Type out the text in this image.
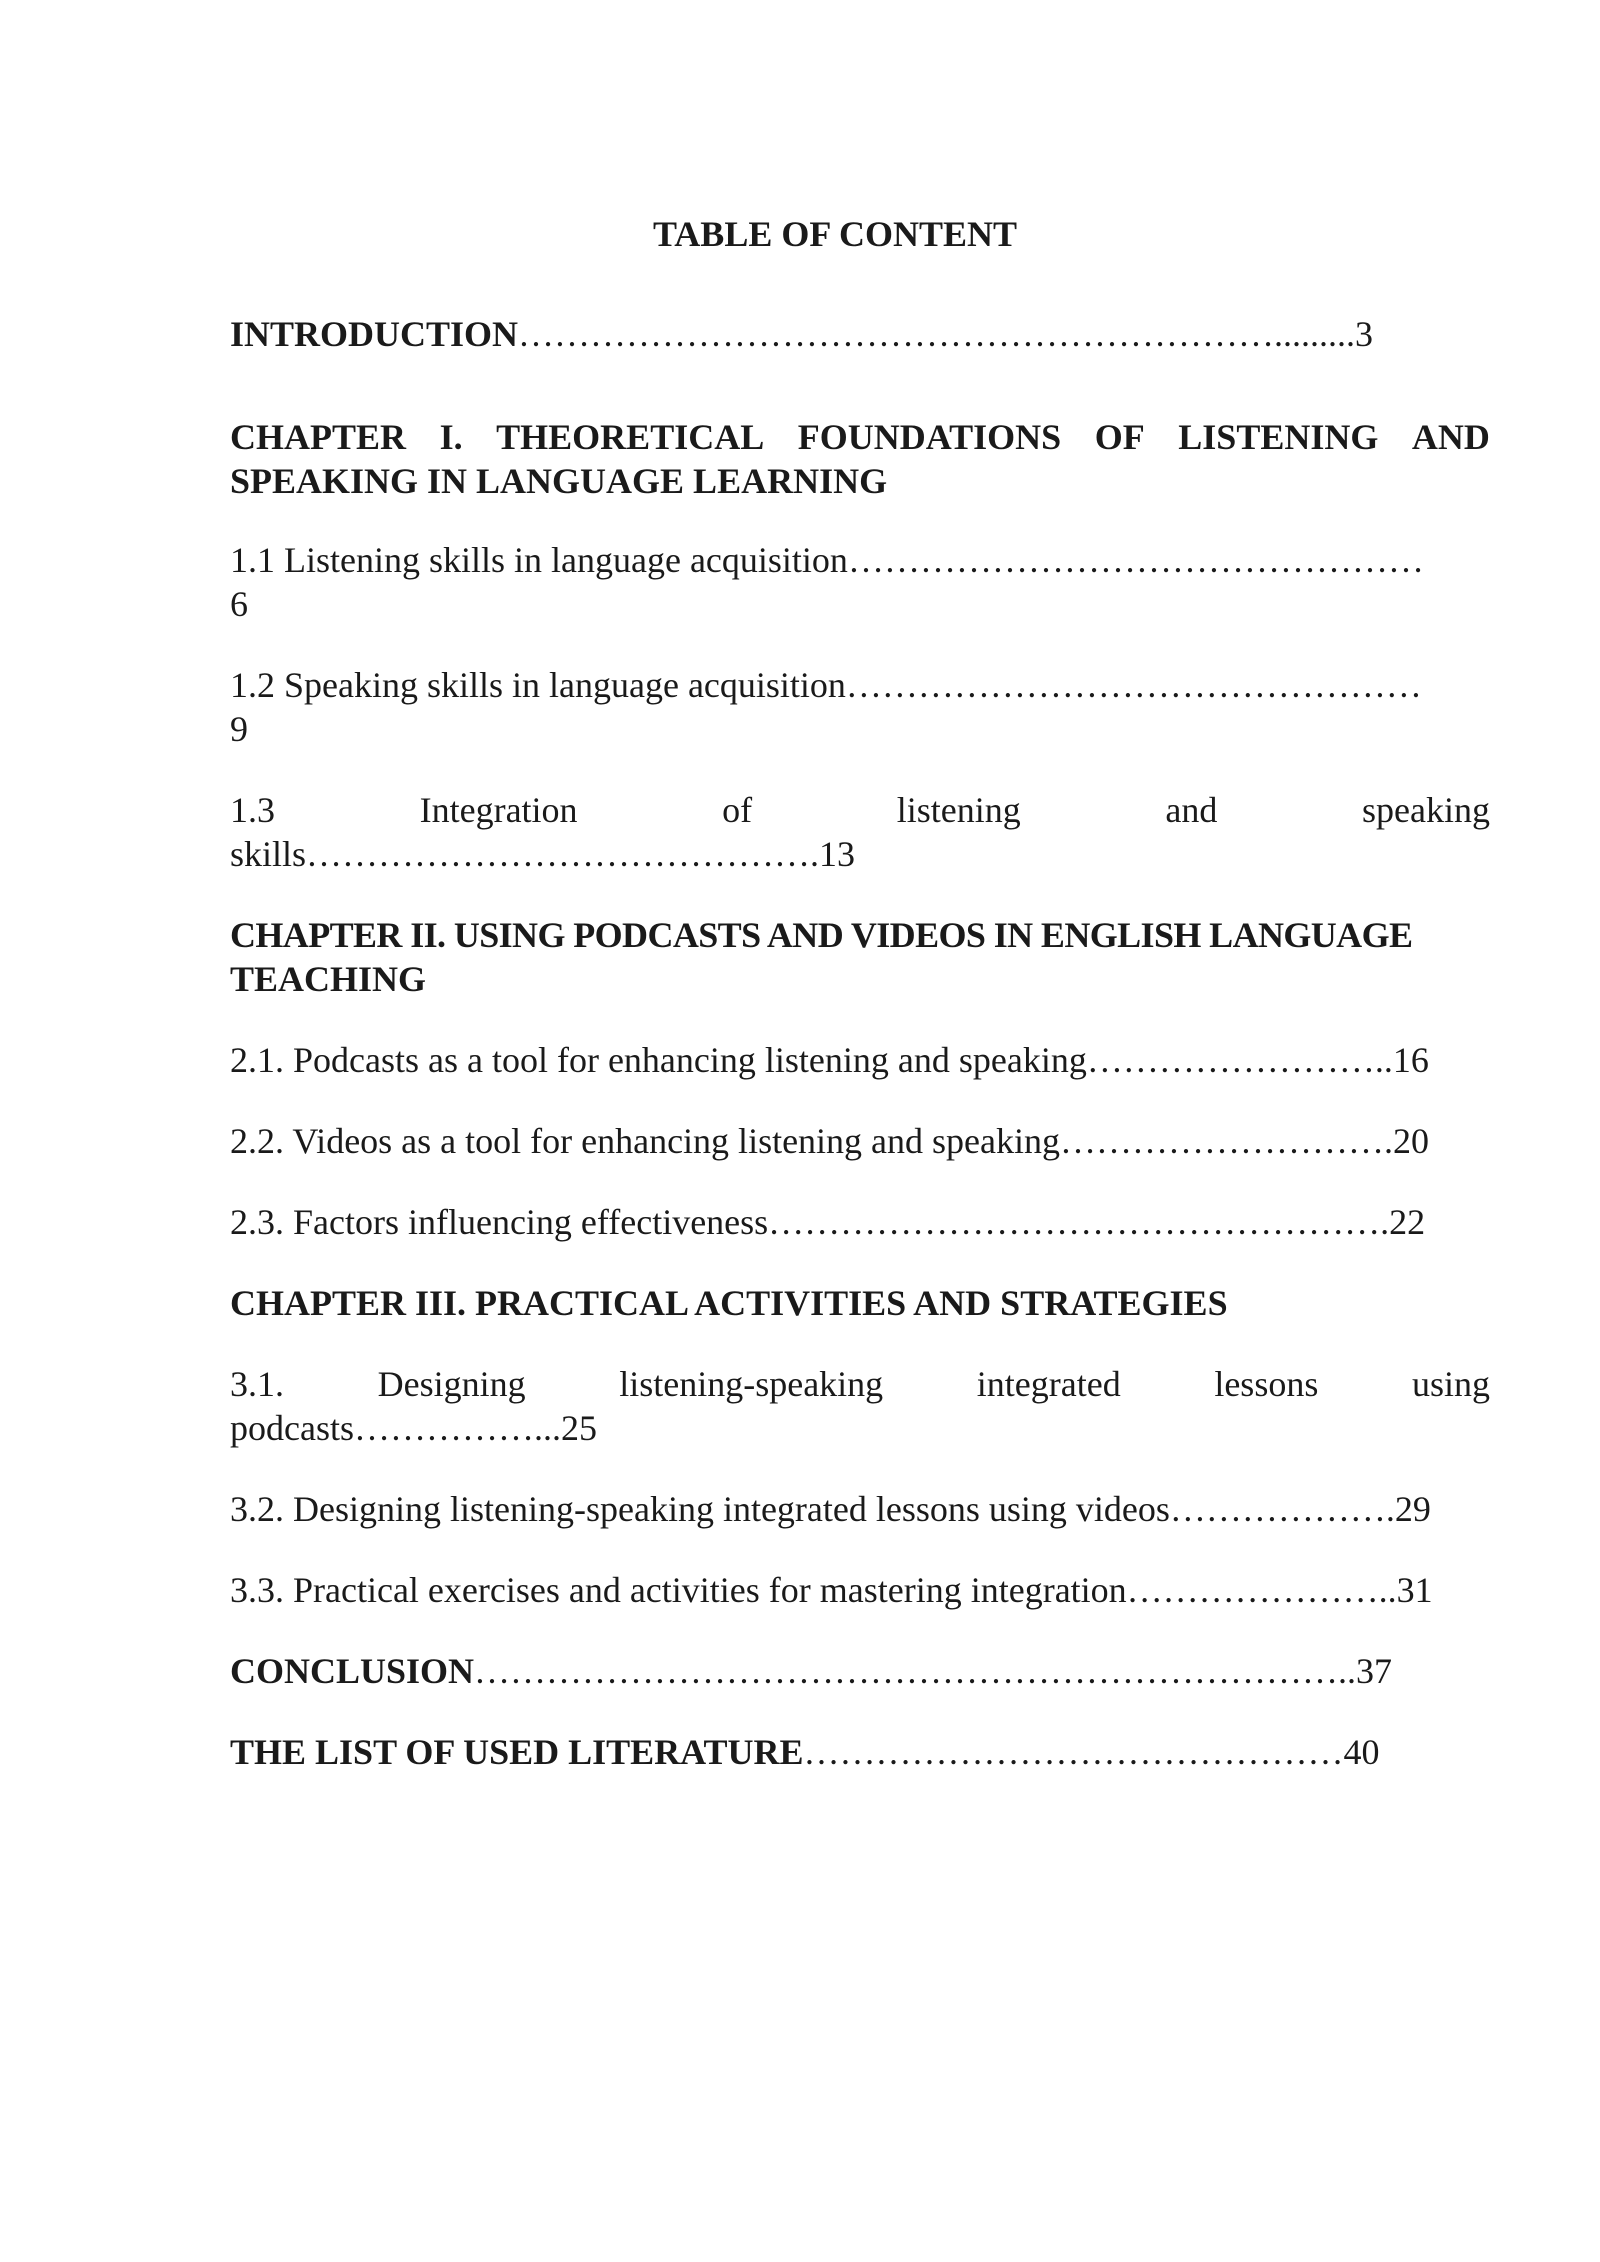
TABLE OF CONTENT
INTRODUCTION……………………………………………………….........3
CHAPTER I. THEORETICAL FOUNDATIONS OF LISTENING AND
SPEAKING IN LANGUAGE LEARNING
1.1 Listening skills in language acquisition…………………………………………
6
1.2 Speaking skills in language acquisition…………………………………………
9
1.3	Integration	of	listening	and	speaking
skills…………………………………….13
CHAPTER II. USING PODCASTS AND VIDEOS IN ENGLISH LANGUAGE
TEACHING
2.1. Podcasts as a tool for enhancing listening and speaking……………………..16
2.2. Videos as a tool for enhancing listening and speaking……………………….20
2.3. Factors influencing effectiveness…………………………………………….22
CHAPTER III. PRACTICAL ACTIVITIES AND STRATEGIES
3.1.	Designing	listening-speaking	integrated	lessons	using
podcasts……………...25
3.2. Designing listening-speaking integrated lessons using videos……………….29
3.3. Practical exercises and activities for mastering integration…………………..31
CONCLUSION………………………………………………………………..37
THE LIST OF USED LITERATURE………………………………………40
